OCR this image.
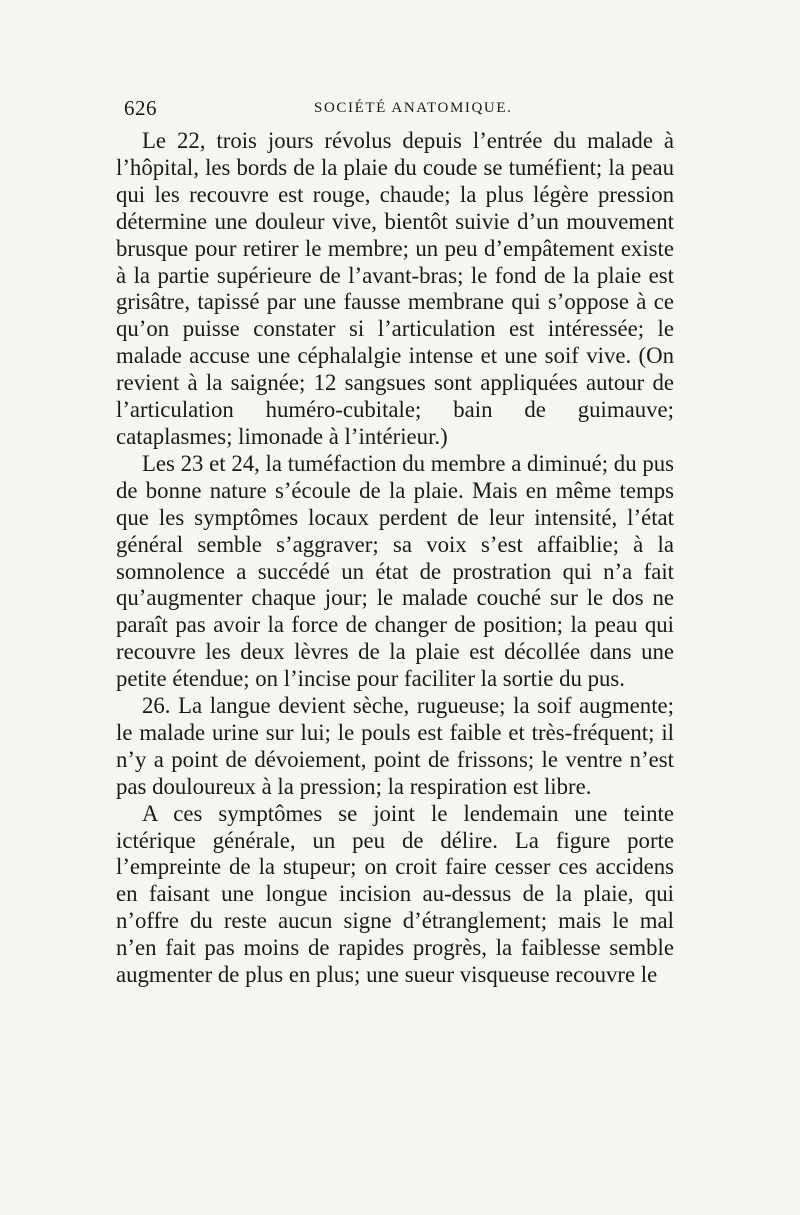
626	SOCIÉTÉ ANATOMIQUE.

Le 22, trois jours révolus depuis l’entrée du malade à l’hôpital, les bords de la plaie du coude se tuméfient; la peau qui les recouvre est rouge, chaude; la plus légère pression détermine une douleur vive, bientôt suivie d’un mouvement brusque pour retirer le membre; un peu d’empâtement existe à la partie supérieure de l’avant-bras; le fond de la plaie est grisâtre, tapissé par une fausse membrane qui s’oppose à ce qu’on puisse constater si l’articulation est intéressée; le malade accuse une céphalalgie intense et une soif vive. (On revient à la saignée; 12 sangsues sont appliquées autour de l’articulation huméro-cubitale; bain de guimauve; cataplasmes; limonade à l’intérieur.)

Les 23 et 24, la tuméfaction du membre a diminué; du pus de bonne nature s’écoule de la plaie. Mais en même temps que les symptômes locaux perdent de leur intensité, l’état général semble s’aggraver; sa voix s’est affaiblie; à la somnolence a succédé un état de prostration qui n’a fait qu’augmenter chaque jour; le malade couché sur le dos ne paraît pas avoir la force de changer de position; la peau qui recouvre les deux lèvres de la plaie est décollée dans une petite étendue; on l’incise pour faciliter la sortie du pus.

26. La langue devient sèche, rugueuse; la soif augmente; le malade urine sur lui; le pouls est faible et très-fréquent; il n’y a point de dévoiement, point de frissons; le ventre n’est pas douloureux à la pression; la respiration est libre.

A ces symptômes se joint le lendemain une teinte ictérique générale, un peu de délire. La figure porte l’empreinte de la stupeur; on croit faire cesser ces accidens en faisant une longue incision au-dessus de la plaie, qui n’offre du reste aucun signe d’étranglement; mais le mal n’en fait pas moins de rapides progrès, la faiblesse semble augmenter de plus en plus; une sueur visqueuse recouvre le
